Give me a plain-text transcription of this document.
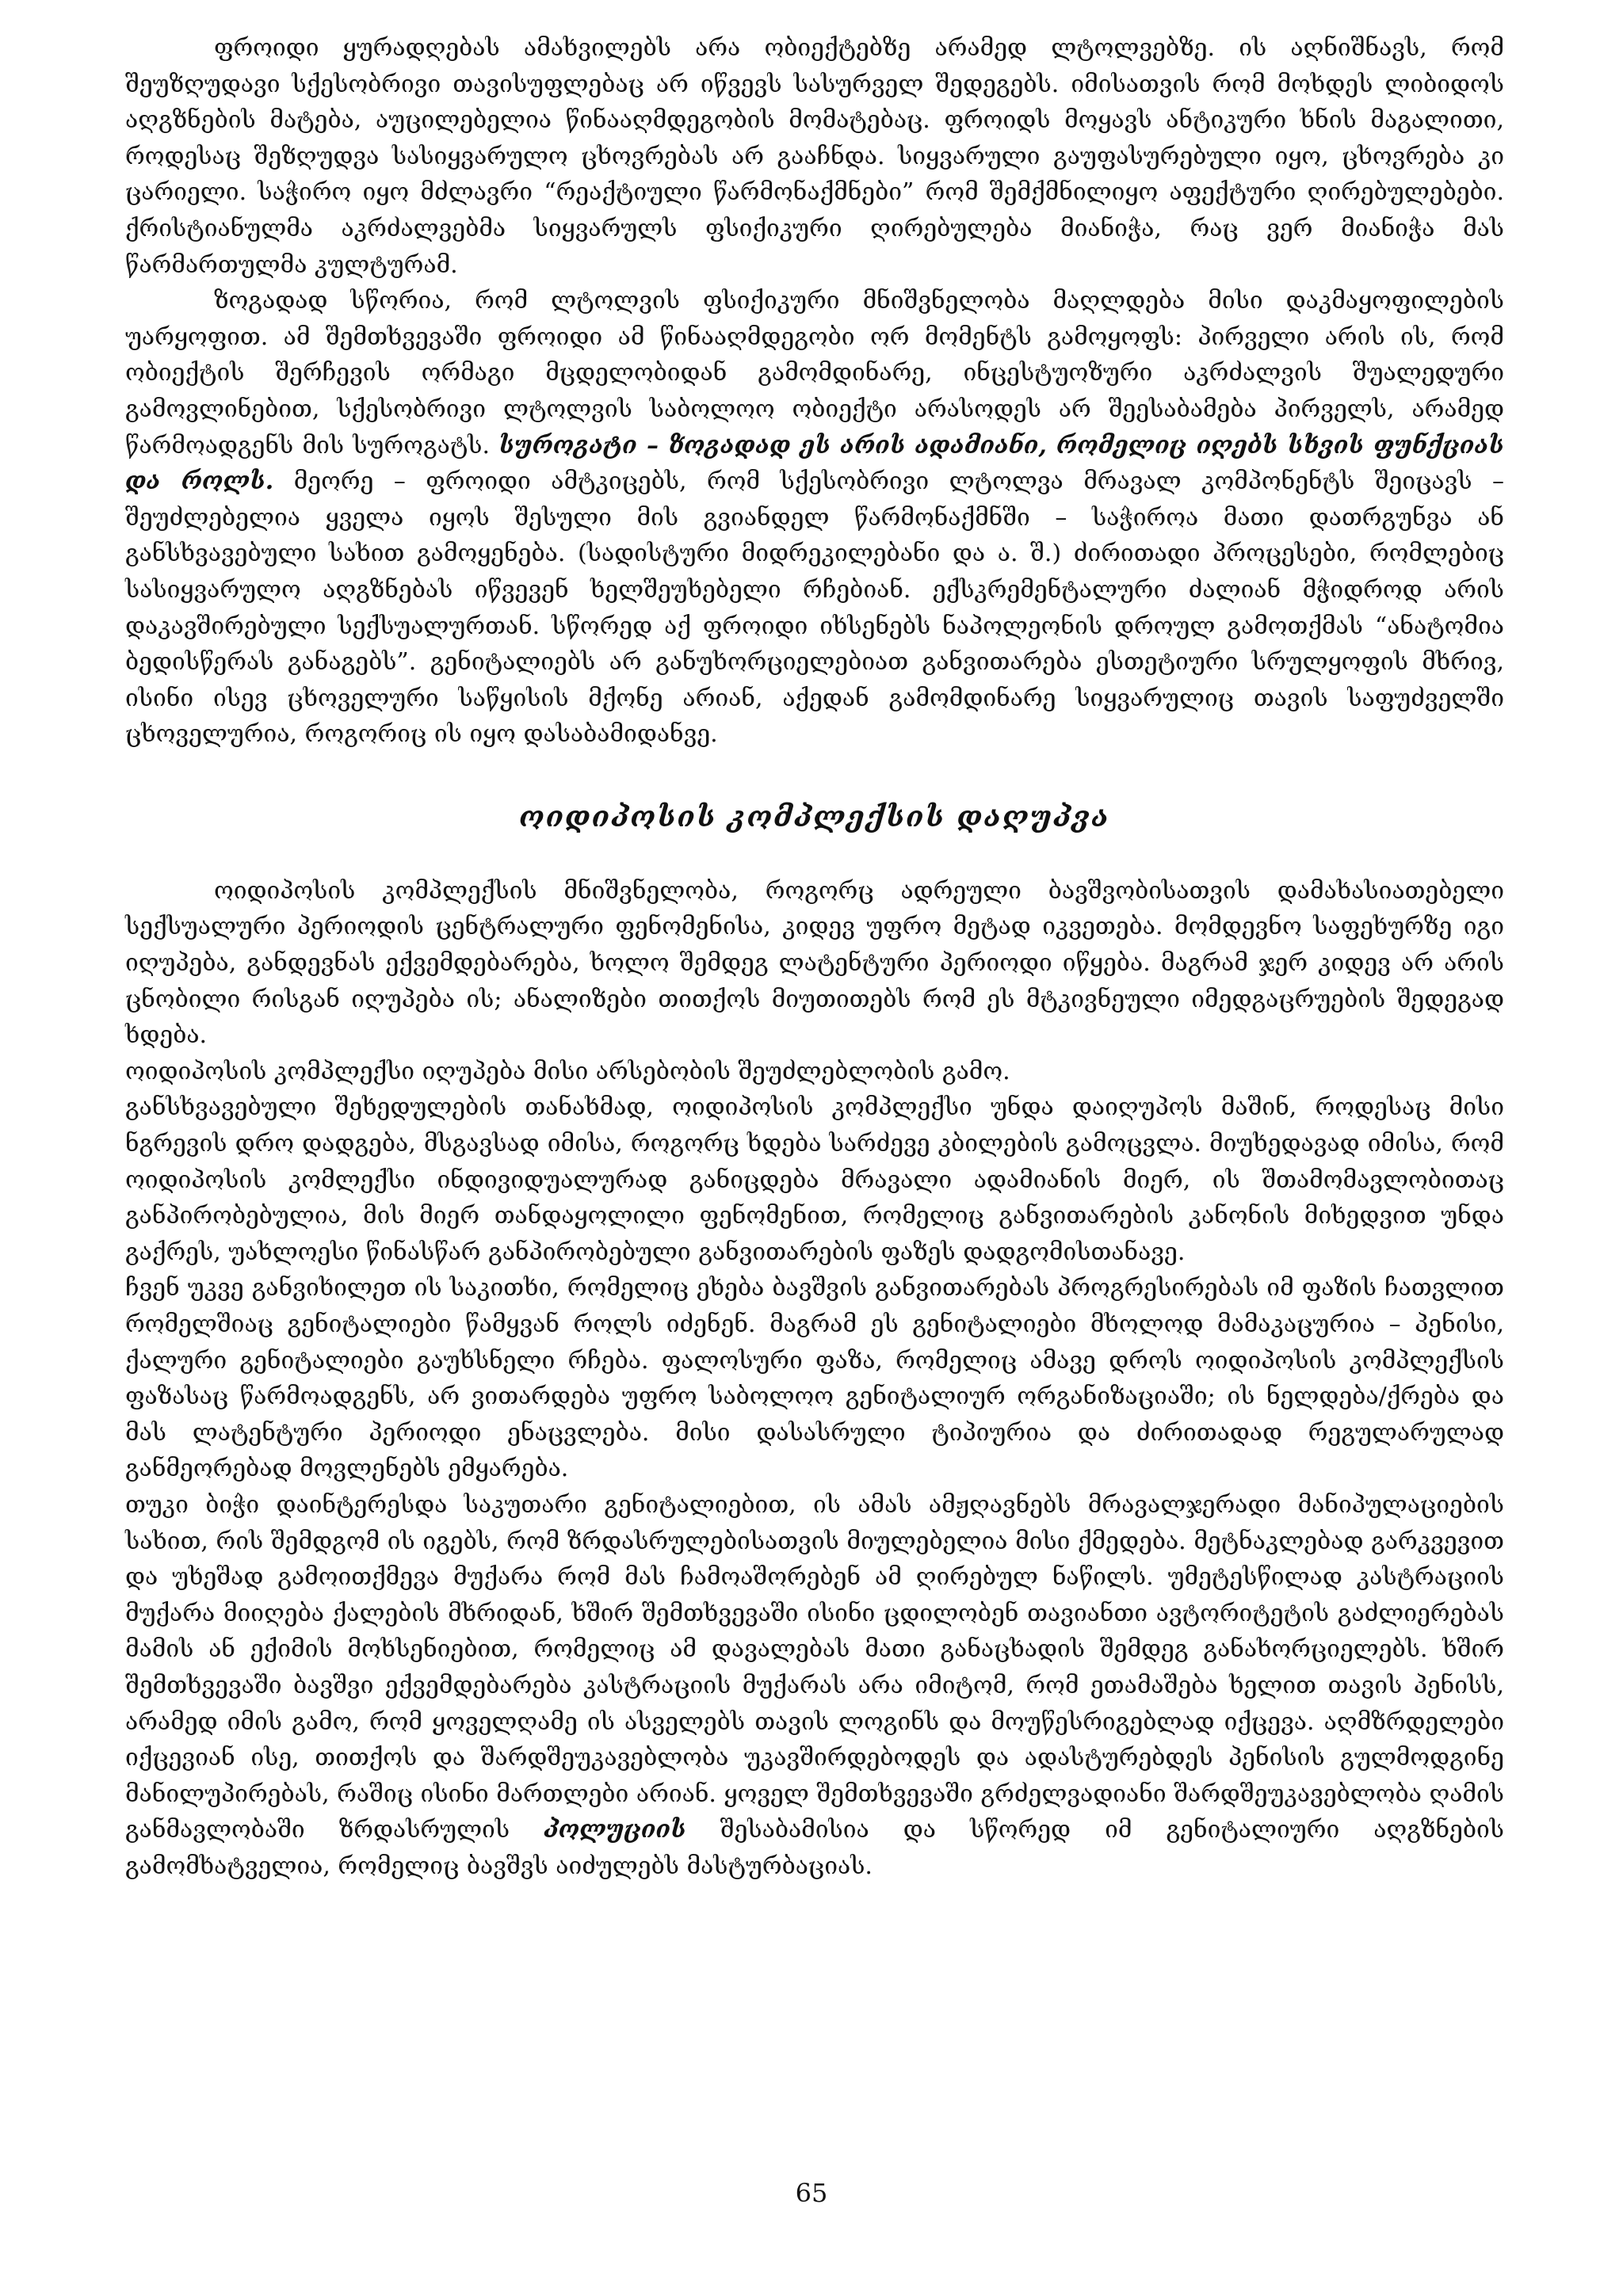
ფროიდი ყურადღებას ამახვილებს არა ობიექტებზე არამედ ლტოლვებზე. ის აღნიშნავს, რომ შეუზღუდავი სქესობრივი თავისუფლებაც არ იწვევს სასურველ შედეგებს. იმისათვის რომ მოხდეს ლიბიდოს აღგზნების მატება, აუცილებელია წინააღმდეგობის მომატებაც. ფროიდს მოყავს ანტიკური ხნის მაგალითი, როდესაც შეზღუდვა სასიყვარულო ცხოვრებას არ გააჩნდა. სიყვარული გაუფასურებული იყო, ცხოვრება კი ცარიელი. საჭირო იყო მძლავრი “რეაქტიული წარმონაქმნები” რომ შემქმნილიყო აფექტური ღირებულებები. ქრისტიანულმა აკრძალვებმა სიყვარულს ფსიქიკური ღირებულება მიანიჭა, რაც ვერ მიანიჭა მას წარმართულმა კულტურამ.

ზოგადად სწორია, რომ ლტოლვის ფსიქიკური მნიშვნელობა მაღლდება მისი დაკმაყოფილების უარყოფით. ამ შემთხვევაში ფროიდი ამ წინააღმდეგობი ორ მომენტს გამოყოფს: პირველი არის ის, რომ ობიექტის შერჩევის ორმაგი მცდელობიდან გამომდინარე, ინცესტუოზური აკრძალვის შუალედური გამოვლინებით, სქესობრივი ლტოლვის საბოლოო ობიექტი არასოდეს არ შეესაბამება პირველს, არამედ წარმოადგენს მის სუროგატს. სუროგატი – ზოგადად ეს არის ადამიანი, რომელიც იღებს სხვის ფუნქციას და როლს. მეორე – ფროიდი ამტკიცებს, რომ სქესობრივი ლტოლვა მრავალ კომპონენტს შეიცავს – შეუძლებელია ყველა იყოს შესული მის გვიანდელ წარმონაქმნში – საჭიროა მათი დათრგუნვა ან განსხვავებული სახით გამოყენება. (სადისტური მიდრეკილებანი და ა. შ.) ძირითადი პროცესები, რომლებიც სასიყვარულო აღგზნებას იწვევენ ხელშეუხებელი რჩებიან. ექსკრემენტალური ძალიან მჭიდროდ არის დაკავშირებული სექსუალურთან. სწორედ აქ ფროიდი იხსენებს ნაპოლეონის დროულ გამოთქმას “ანატომია ბედისწერას განაგებს”. გენიტალიებს არ განუხორციელებიათ განვითარება ესთეტიური სრულყოფის მხრივ, ისინი ისევ ცხოველური საწყისის მქონე არიან, აქედან გამომდინარე სიყვარულიც თავის საფუძველში ცხოველურია, როგორიც ის იყო დასაბამიდანვე.

ოიდიპოსის კომპლექსის დაღუპვა

ოიდიპოსის კომპლექსის მნიშვნელობა, როგორც ადრეული ბავშვობისათვის დამახასიათებელი სექსუალური პერიოდის ცენტრალური ფენომენისა, კიდევ უფრო მეტად იკვეთება. მომდევნო საფეხურზე იგი იღუპება, განდევნას ექვემდებარება, ხოლო შემდეგ ლატენტური პერიოდი იწყება. მაგრამ ჯერ კიდევ არ არის ცნობილი რისგან იღუპება ის; ანალიზები თითქოს მიუთითებს რომ ეს მტკივნეული იმედგაცრუების შედეგად ხდება.

ოიდიპოსის კომპლექსი იღუპება მისი არსებობის შეუძლებლობის გამო.

განსხვავებული შეხედულების თანახმად, ოიდიპოსის კომპლექსი უნდა დაიღუპოს მაშინ, როდესაც მისი ნგრევის დრო დადგება, მსგავსად იმისა, როგორც ხდება სარძევე კბილების გამოცვლა. მიუხედავად იმისა, რომ ოიდიპოსის კომლექსი ინდივიდუალურად განიცდება მრავალი ადამიანის მიერ, ის შთამომავლობითაც განპირობებულია, მის მიერ თანდაყოლილი ფენომენით, რომელიც განვითარების კანონის მიხედვით უნდა გაქრეს, უახლოესი წინასწარ განპირობებული განვითარების ფაზეს დადგომისთანავე.

ჩვენ უკვე განვიხილეთ ის საკითხი, რომელიც ეხება ბავშვის განვითარებას პროგრესირებას იმ ფაზის ჩათვლით რომელშიაც გენიტალიები წამყვან როლს იძენენ. მაგრამ ეს გენიტალიები მხოლოდ მამაკაცურია – პენისი, ქალური გენიტალიები გაუხსნელი რჩება. ფალოსური ფაზა, რომელიც ამავე დროს ოიდიპოსის კომპლექსის ფაზასაც წარმოადგენს, არ ვითარდება უფრო საბოლოო გენიტალიურ ორგანიზაციაში; ის ნელდება/ქრება და მას ლატენტური პერიოდი ენაცვლება. მისი დასასრული ტიპიურია და ძირითადად რეგულარულად განმეორებად მოვლენებს ემყარება.

თუკი ბიჭი დაინტერესდა საკუთარი გენიტალიებით, ის ამას ამჟღავნებს მრავალჯერადი მანიპულაციების სახით, რის შემდგომ ის იგებს, რომ ზრდასრულებისათვის მიულებელია მისი ქმედება. მეტნაკლებად გარკვევით და უხეშად გამოითქმევა მუქარა რომ მას ჩამოაშორებენ ამ ღირებულ ნაწილს. უმეტესწილად კასტრაციის მუქარა მიიღება ქალების მხრიდან, ხშირ შემთხვევაში ისინი ცდილობენ თავიანთი ავტორიტეტის გაძლიერებას მამის ან ექიმის მოხსენიებით, რომელიც ამ დავალებას მათი განაცხადის შემდეგ განახორციელებს. ხშირ შემთხვევაში ბავშვი ექვემდებარება კასტრაციის მუქარას არა იმიტომ, რომ ეთამაშება ხელით თავის პენისს, არამედ იმის გამო, რომ ყოველღამე ის ასველებს თავის ლოგინს და მოუწესრიგებლად იქცევა. აღმზრდელები იქცევიან ისე, თითქოს და შარდშეუკავებლობა უკავშირდებოდეს და ადასტურებდეს პენისის გულმოდგინე მანილუპირებას, რაშიც ისინი მართლები არიან. ყოველ შემთხვევაში გრძელვადიანი შარდშეუკავებლობა ღამის განმავლობაში ზრდასრულის პოლუციის შესაბამისია და სწორედ იმ გენიტალიური აღგზნების გამომხატველია, რომელიც ბავშვს აიძულებს მასტურბაციას.

65
